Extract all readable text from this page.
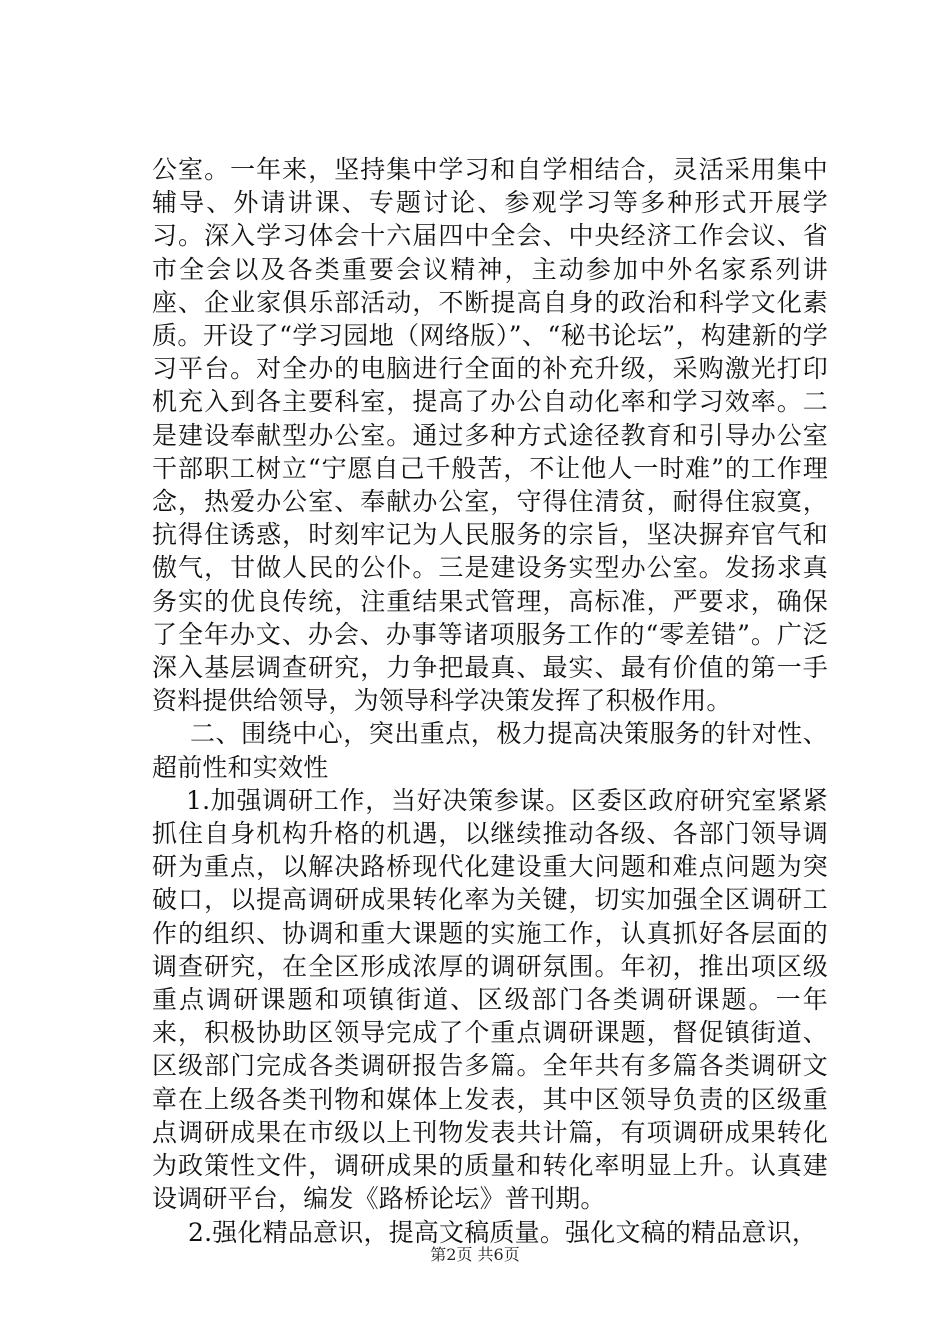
公室。一年来，坚持集中学习和自学相结合，灵活采用集中辅导、外请讲课、专题讨论、参观学习等多种形式开展学习。深入学习体会十六届四中全会、中央经济工作会议、省市全会以及各类重要会议精神，主动参加中外名家系列讲座、企业家俱乐部活动，不断提高自身的政治和科学文化素质。开设了“学习园地（网络版）”、“秘书论坛”，构建新的学习平台。对全办的电脑进行全面的补充升级，采购激光打印机充入到各主要科室，提高了办公自动化率和学习效率。二是建设奉献型办公室。通过多种方式途径教育和引导办公室干部职工树立“宁愿自己千般苦，不让他人一时难”的工作理念，热爱办公室、奉献办公室，守得住清贫，耐得住寂寞，抗得住诱惑，时刻牢记为人民服务的宗旨，坚决摒弃官气和傲气，甘做人民的公仆。三是建设务实型办公室。发扬求真务实的优良传统，注重结果式管理，高标准，严要求，确保了全年办文、办会、办事等诸项服务工作的“零差错”。广泛深入基层调查研究，力争把最真、最实、最有价值的第一手资料提供给领导，为领导科学决策发挥了积极作用。

二、围绕中心，突出重点，极力提高决策服务的针对性、超前性和实效性

1.加强调研工作，当好决策参谋。区委区政府研究室紧紧抓住自身机构升格的机遇，以继续推动各级、各部门领导调研为重点，以解决路桥现代化建设重大问题和难点问题为突破口，以提高调研成果转化率为关键，切实加强全区调研工作的组织、协调和重大课题的实施工作，认真抓好各层面的调查研究，在全区形成浓厚的调研氛围。年初，推出项区级重点调研课题和项镇街道、区级部门各类调研课题。一年来，积极协助区领导完成了个重点调研课题，督促镇街道、区级部门完成各类调研报告多篇。全年共有多篇各类调研文章在上级各类刊物和媒体上发表，其中区领导负责的区级重点调研成果在市级以上刊物发表共计篇，有项调研成果转化为政策性文件，调研成果的质量和转化率明显上升。认真建设调研平台，编发《路桥论坛》普刊期。

2.强化精品意识，提高文稿质量。强化文稿的精品意识，

第2页 共6页
